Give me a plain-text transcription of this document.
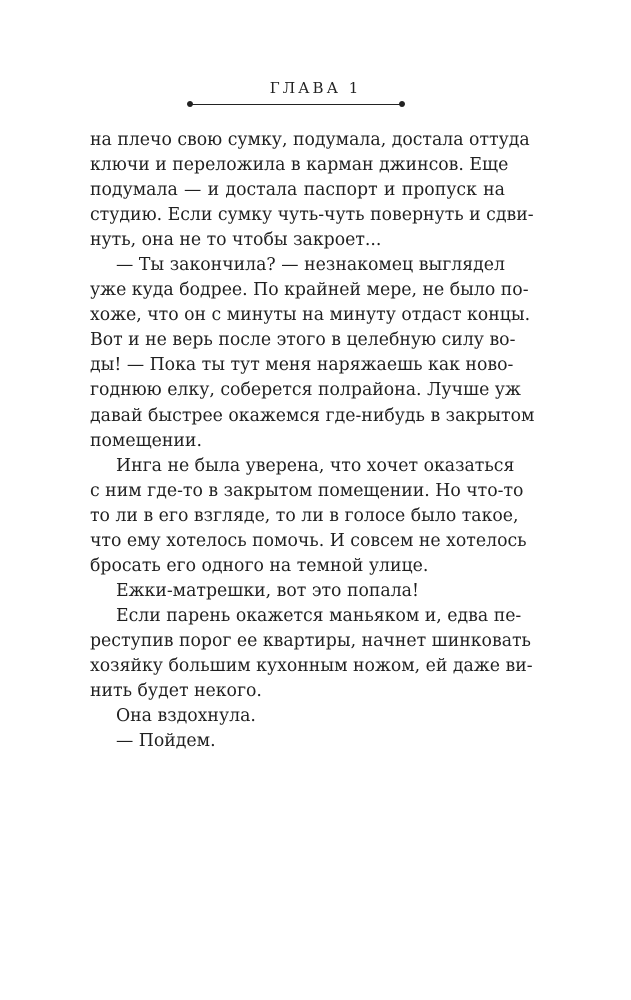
ГЛАВА 1
на плечо свою сумку, подумала, достала оттуда
ключи и переложила в карман джинсов. Еще
подумала — и достала паспорт и пропуск на
студию. Если сумку чуть-чуть повернуть и сдви-
нуть, она не то чтобы закроет...
— Ты закончила? — незнакомец выглядел
уже куда бодрее. По крайней мере, не было по-
хоже, что он с минуты на минуту отдаст концы.
Вот и не верь после этого в целебную силу во-
ды! — Пока ты тут меня наряжаешь как ново-
годнюю елку, соберется полрайона. Лучше уж
давай быстрее окажемся где-нибудь в закрытом
помещении.
Инга не была уверена, что хочет оказаться
с ним где-то в закрытом помещении. Но что-то
то ли в его взгляде, то ли в голосе было такое,
что ему хотелось помочь. И совсем не хотелось
бросать его одного на темной улице.
Ежки-матрешки, вот это попала!
Если парень окажется маньяком и, едва пе-
реступив порог ее квартиры, начнет шинковать
хозяйку большим кухонным ножом, ей даже ви-
нить будет некого.
Она вздохнула.
— Пойдем.
